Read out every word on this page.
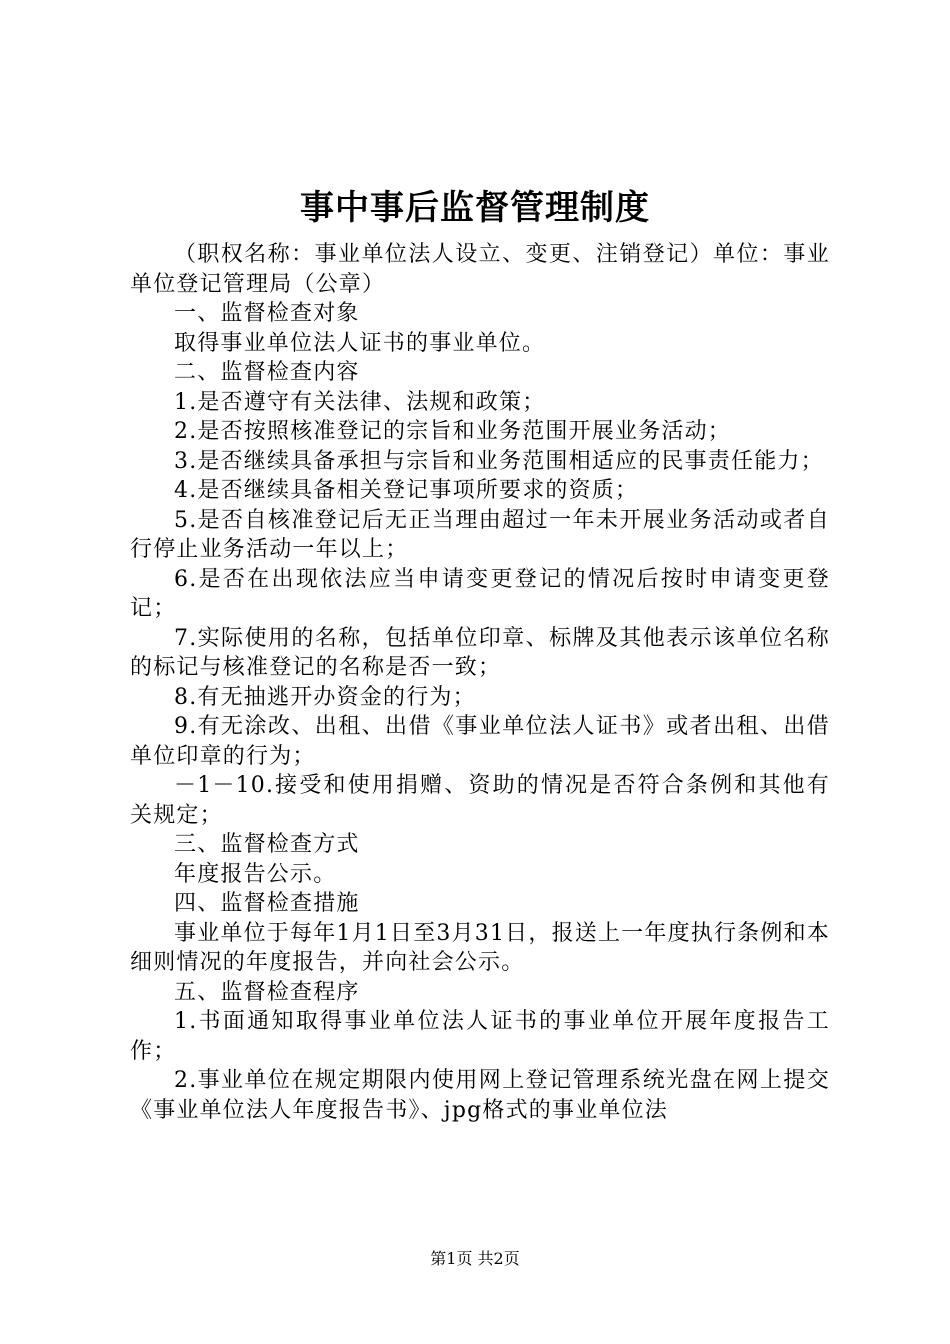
事中事后监督管理制度

（职权名称：事业单位法人设立、变更、注销登记）单位：事业单位登记管理局（公章）

一、监督检查对象

取得事业单位法人证书的事业单位。

二、监督检查内容

1.是否遵守有关法律、法规和政策；

2.是否按照核准登记的宗旨和业务范围开展业务活动；

3.是否继续具备承担与宗旨和业务范围相适应的民事责任能力；

4.是否继续具备相关登记事项所要求的资质；

5.是否自核准登记后无正当理由超过一年未开展业务活动或者自行停止业务活动一年以上；

6.是否在出现依法应当申请变更登记的情况后按时申请变更登记；

7.实际使用的名称，包括单位印章、标牌及其他表示该单位名称的标记与核准登记的名称是否一致；

8.有无抽逃开办资金的行为；

9.有无涂改、出租、出借《事业单位法人证书》或者出租、出借单位印章的行为；

－1－10.接受和使用捐赠、资助的情况是否符合条例和其他有关规定；

三、监督检查方式

年度报告公示。

四、监督检查措施

事业单位于每年1月1日至3月31日，报送上一年度执行条例和本细则情况的年度报告，并向社会公示。

五、监督检查程序

1.书面通知取得事业单位法人证书的事业单位开展年度报告工作；

2.事业单位在规定期限内使用网上登记管理系统光盘在网上提交《事业单位法人年度报告书》、jpg格式的事业单位法

第1页 共2页
